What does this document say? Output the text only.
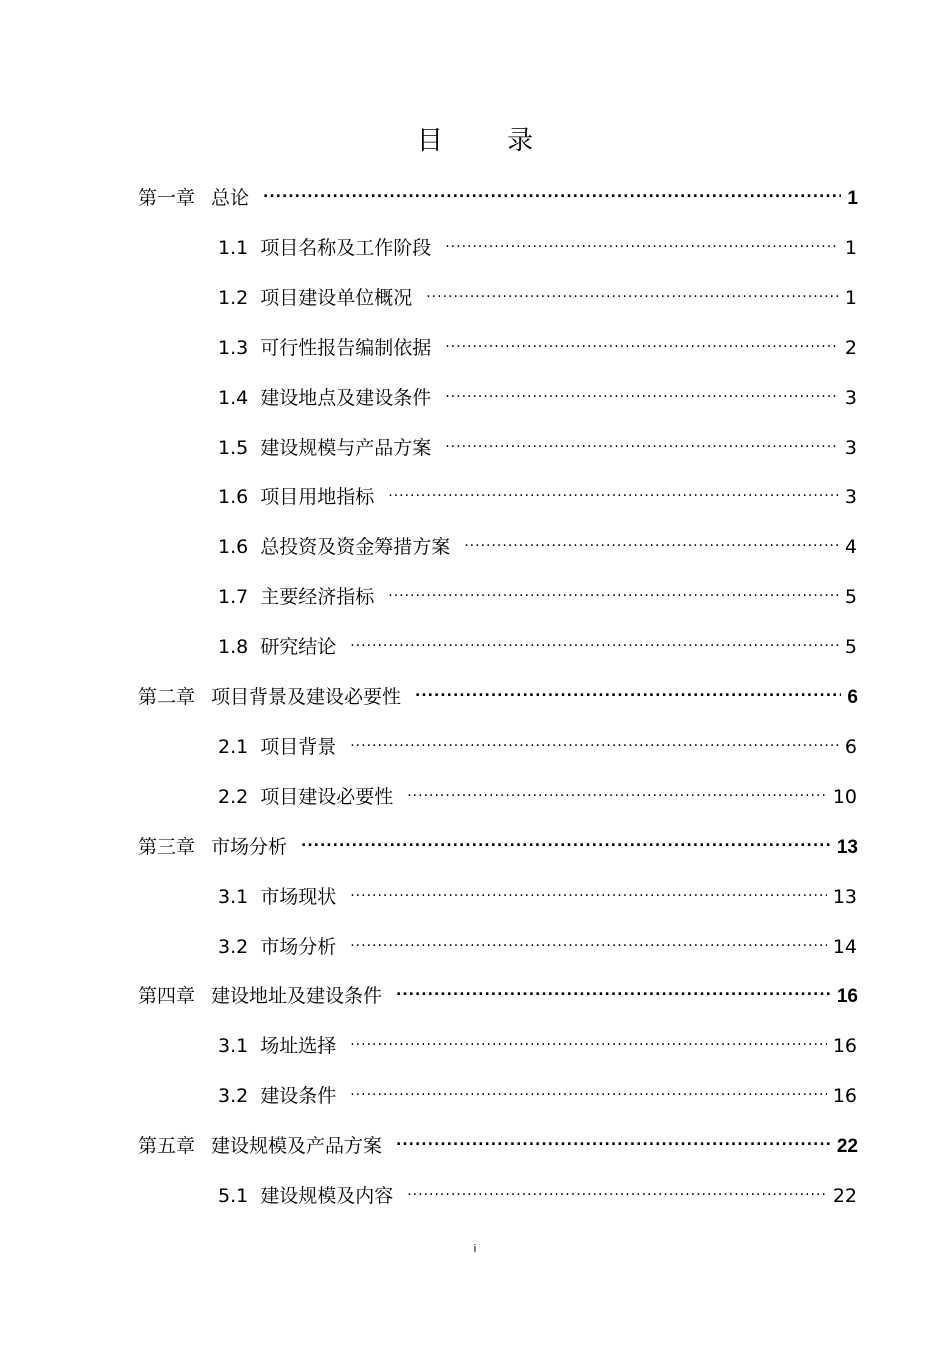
目 录
第一章 总论 .....	1
1.1 项目名称及工作阶段 .....	1
1.2 项目建设单位概况 .....	1
1.3 可行性报告编制依据 .....	2
1.4 建设地点及建设条件 .....	3
1.5 建设规模与产品方案 .....	3
1.6 项目用地指标 .....	3
1.6 总投资及资金筹措方案 .....	4
1.7 主要经济指标 .....	5
1.8 研究结论 .....	5
第二章 项目背景及建设必要性 .....	6
2.1 项目背景 .....	6
2.2 项目建设必要性 .....	10
第三章 市场分析 .....	13
3.1 市场现状 .....	13
3.2 市场分析 .....	14
第四章 建设地址及建设条件 .....	16
3.1 场址选择 .....	16
3.2 建设条件 .....	16
第五章 建设规模及产品方案 .....	22
5.1 建设规模及内容 .....	22
i
